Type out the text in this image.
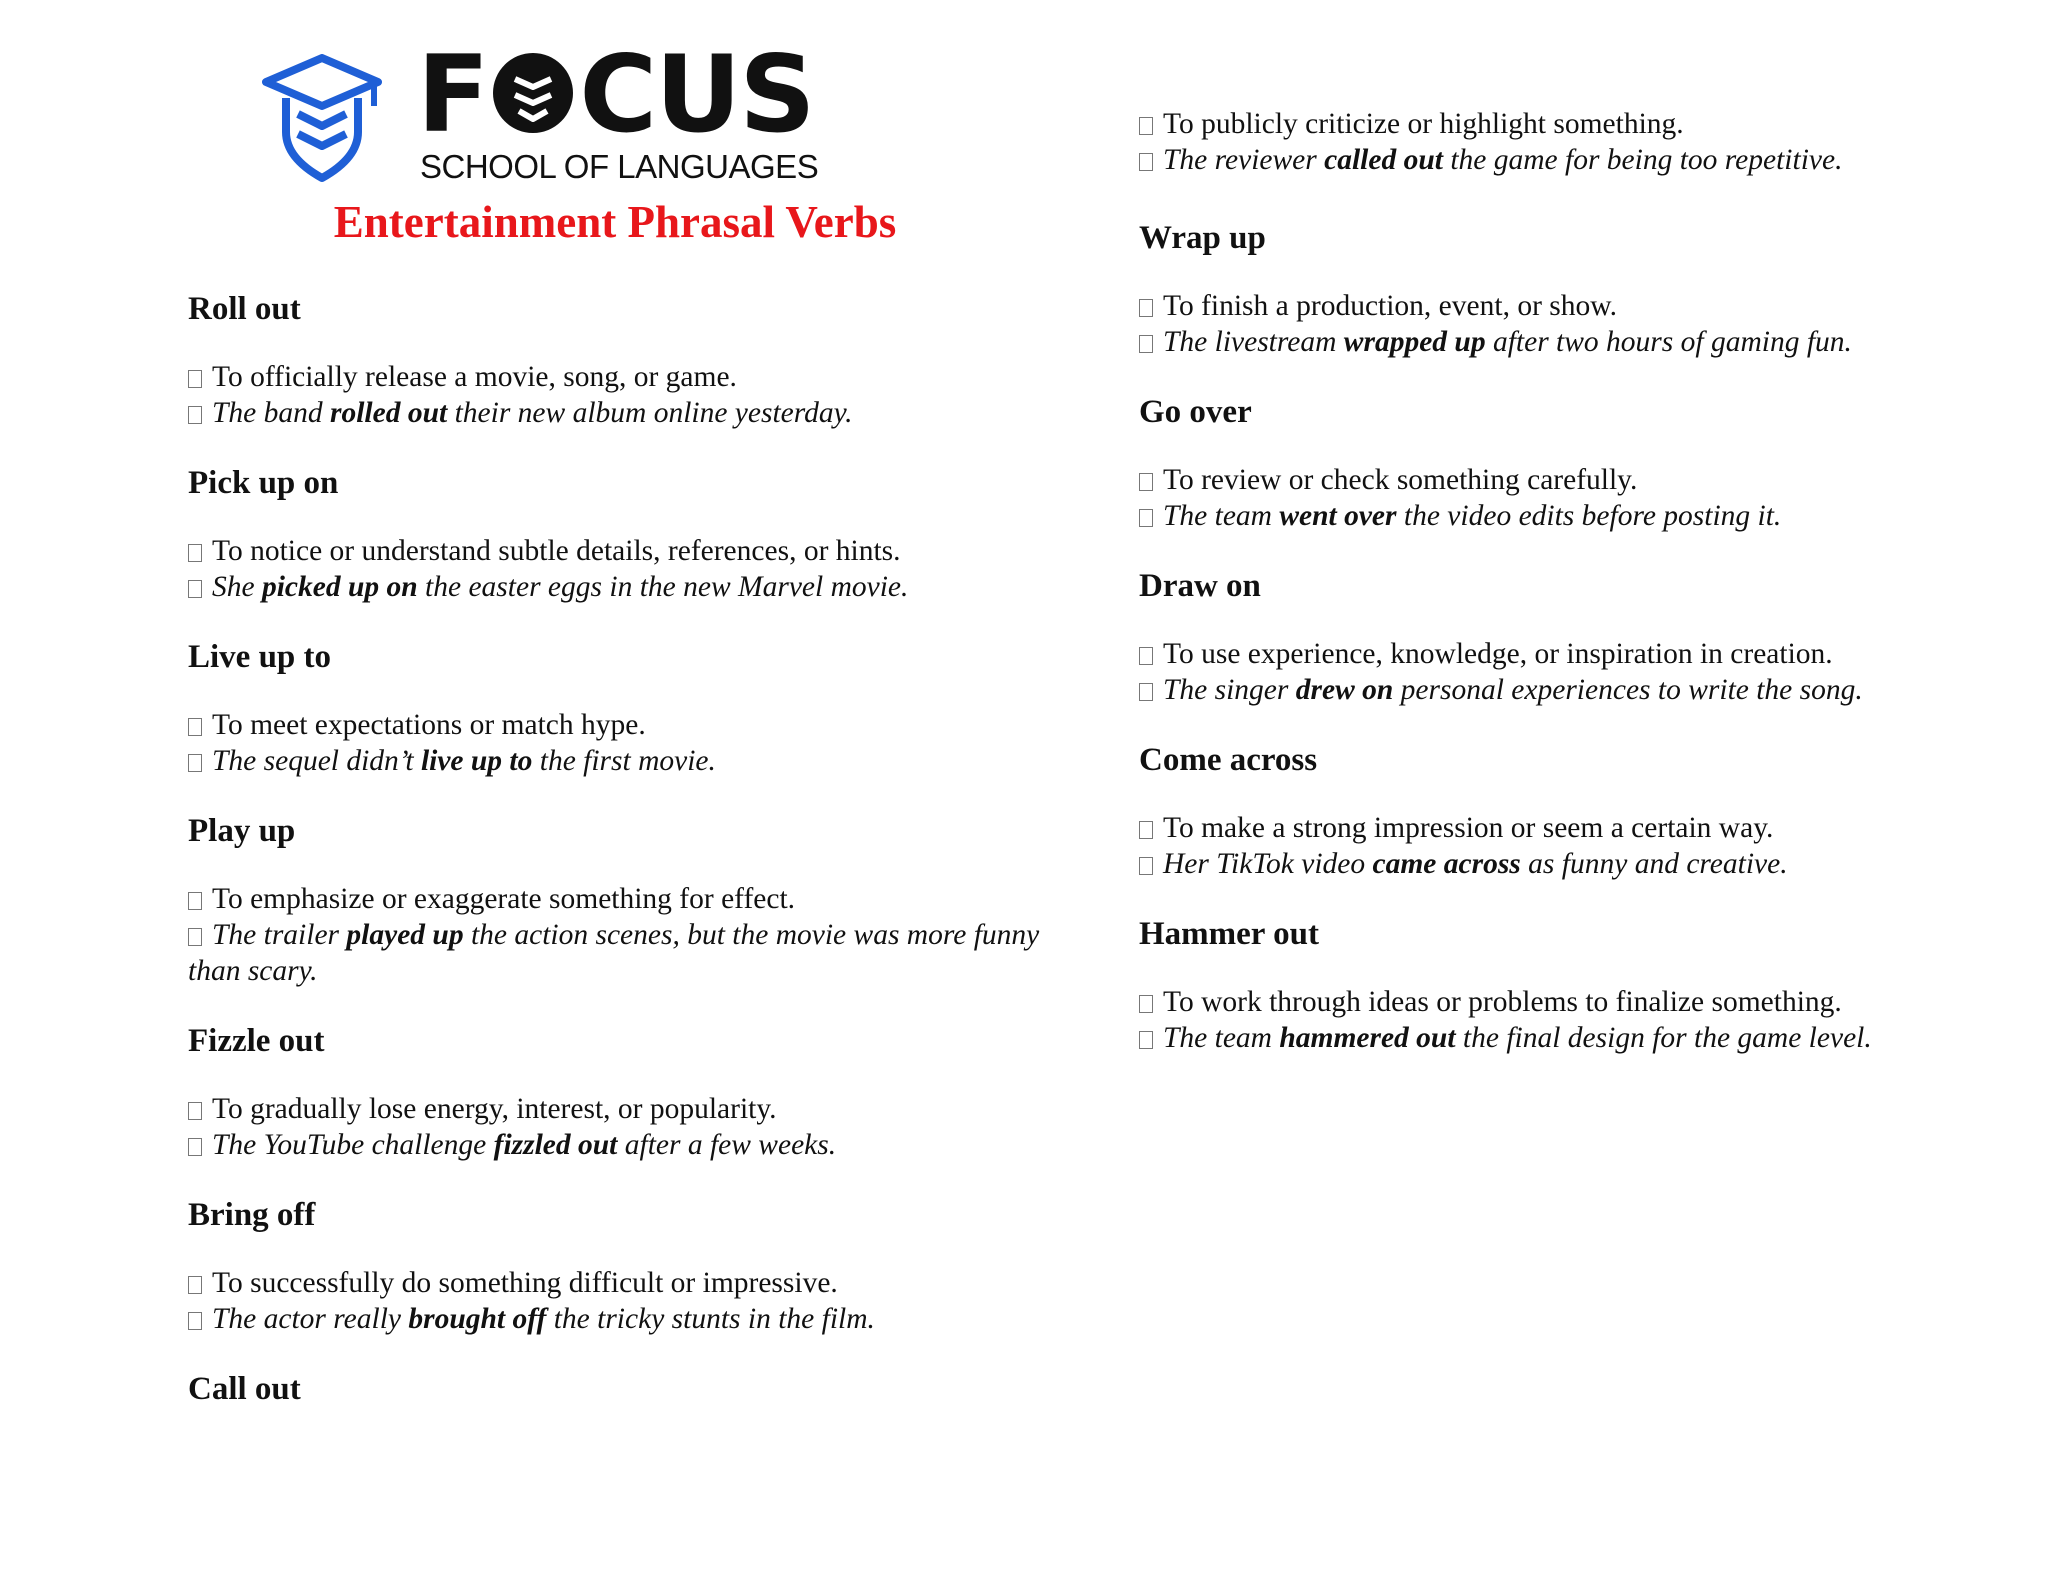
F CUS
SCHOOL OF LANGUAGES
Entertainment Phrasal Verbs
Roll out
To officially release a movie, song, or game.
The band rolled out their new album online yesterday.
Pick up on
To notice or understand subtle details, references, or hints.
She picked up on the easter eggs in the new Marvel movie.
Live up to
To meet expectations or match hype.
The sequel didn’t live up to the first movie.
Play up
To emphasize or exaggerate something for effect.
The trailer played up the action scenes, but the movie was more funny than scary.
Fizzle out
To gradually lose energy, interest, or popularity.
The YouTube challenge fizzled out after a few weeks.
Bring off
To successfully do something difficult or impressive.
The actor really brought off the tricky stunts in the film.
Call out
To publicly criticize or highlight something.
The reviewer called out the game for being too repetitive.
Wrap up
To finish a production, event, or show.
The livestream wrapped up after two hours of gaming fun.
Go over
To review or check something carefully.
The team went over the video edits before posting it.
Draw on
To use experience, knowledge, or inspiration in creation.
The singer drew on personal experiences to write the song.
Come across
To make a strong impression or seem a certain way.
Her TikTok video came across as funny and creative.
Hammer out
To work through ideas or problems to finalize something.
The team hammered out the final design for the game level.
